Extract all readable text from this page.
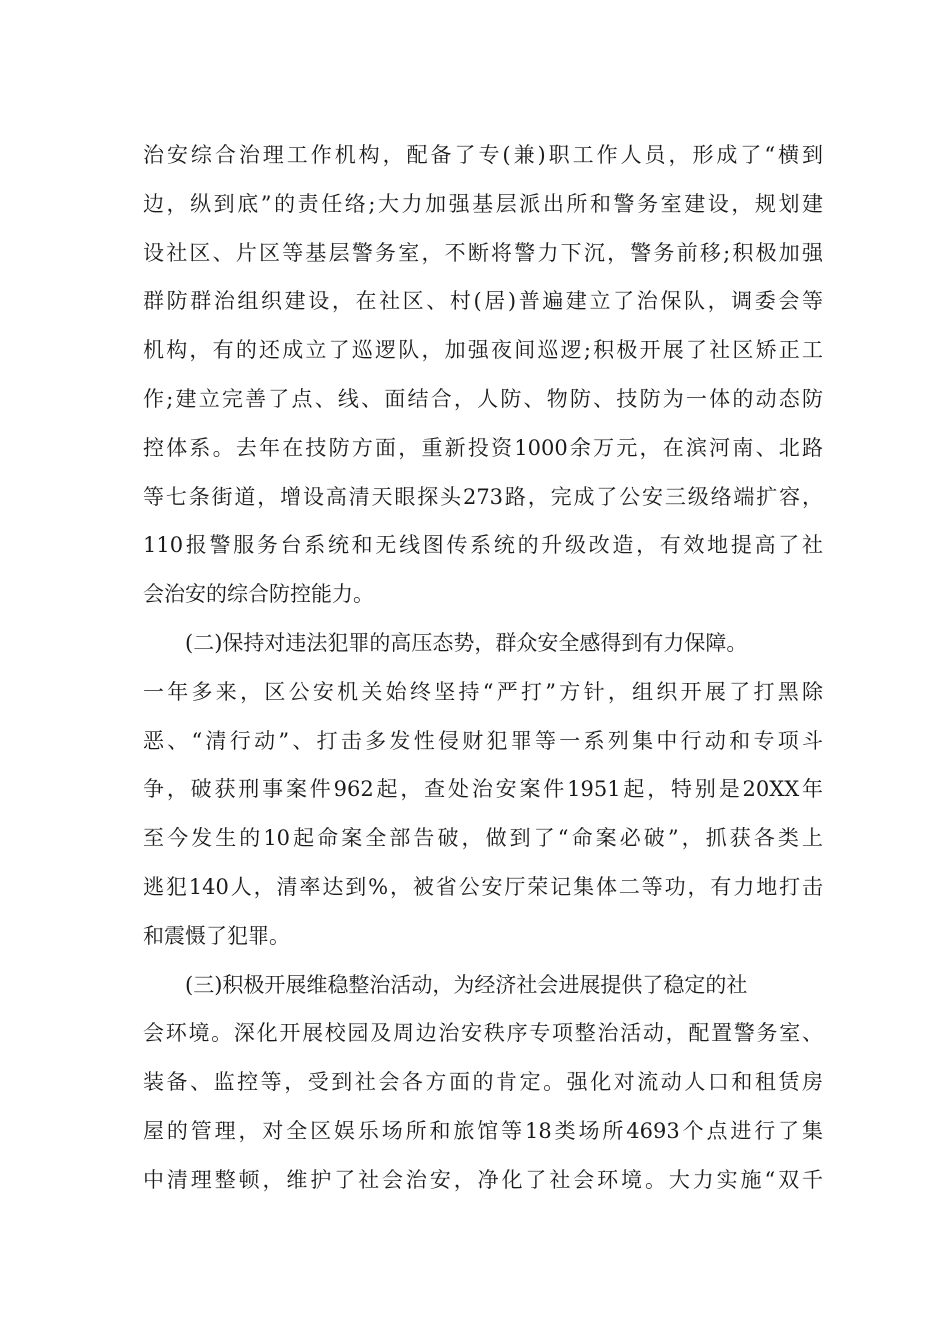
治安综合治理工作机构，配备了专(兼)职工作人员，形成了“横到
边，纵到底”的责任络;大力加强基层派出所和警务室建设，规划建
设社区、片区等基层警务室，不断将警力下沉，警务前移;积极加强
群防群治组织建设，在社区、村(居)普遍建立了治保队，调委会等
机构，有的还成立了巡逻队，加强夜间巡逻;积极开展了社区矫正工
作;建立完善了点、线、面结合，人防、物防、技防为一体的动态防
控体系。去年在技防方面，重新投资1000余万元，在滨河南、北路
等七条街道，增设高清天眼探头273路，完成了公安三级络端扩容，
110报警服务台系统和无线图传系统的升级改造，有效地提高了社
会治安的综合防控能力。
(二)保持对违法犯罪的高压态势，群众安全感得到有力保障。
一年多来，区公安机关始终坚持“严打”方针，组织开展了打黑除
恶、“清行动”、打击多发性侵财犯罪等一系列集中行动和专项斗
争，破获刑事案件962起，查处治安案件1951起，特别是20XX年
至今发生的10起命案全部告破，做到了“命案必破”，抓获各类上
逃犯140人，清率达到%，被省公安厅荣记集体二等功，有力地打击
和震慑了犯罪。
(三)积极开展维稳整治活动，为经济社会进展提供了稳定的社
会环境。深化开展校园及周边治安秩序专项整治活动，配置警务室、
装备、监控等，受到社会各方面的肯定。强化对流动人口和租赁房
屋的管理，对全区娱乐场所和旅馆等18类场所4693个点进行了集
中清理整顿，维护了社会治安，净化了社会环境。大力实施“双千
